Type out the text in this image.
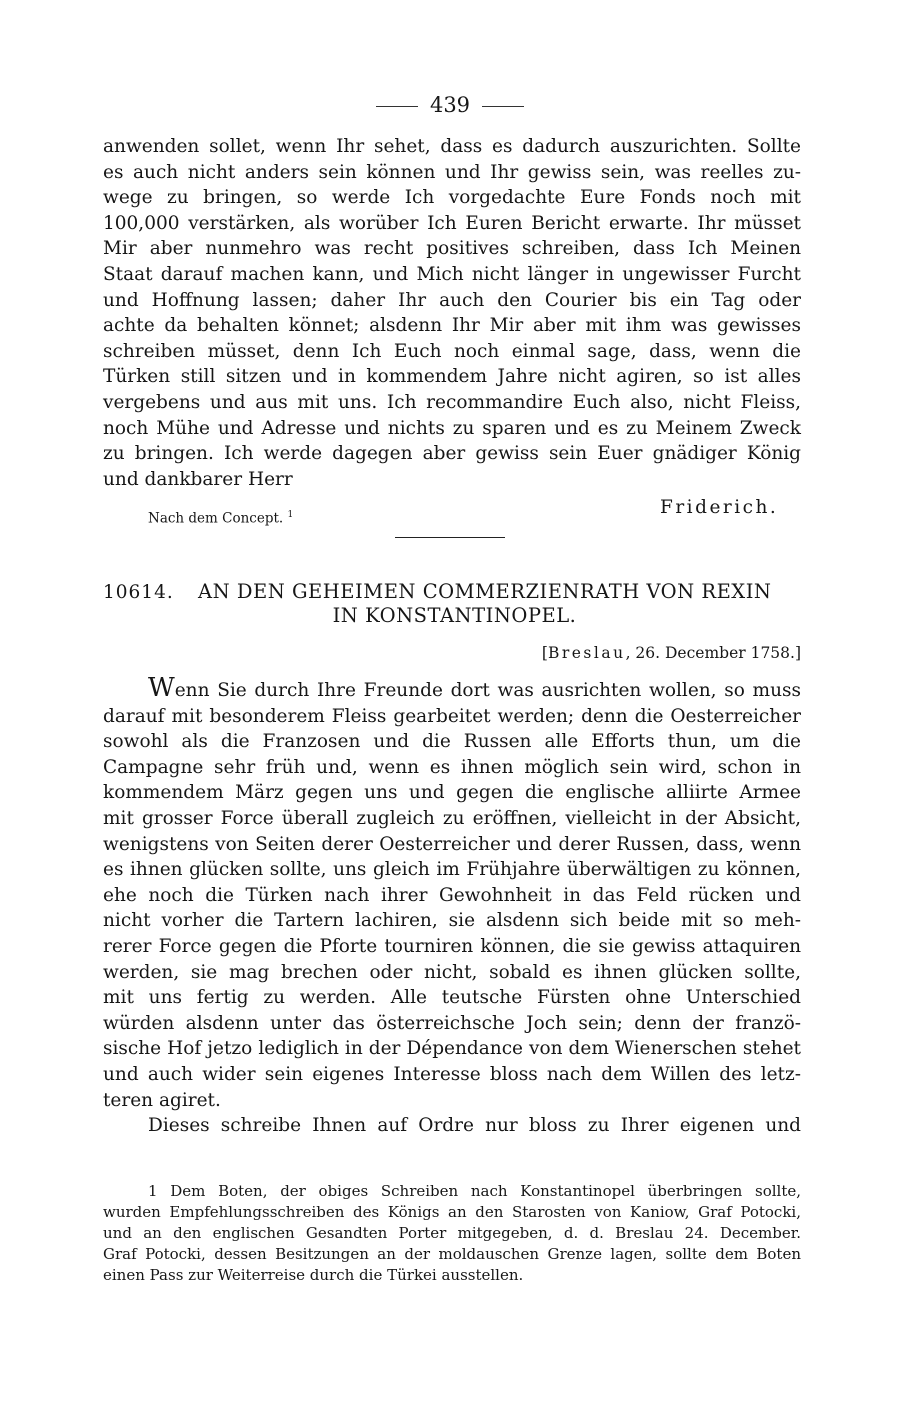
439
anwenden sollet, wenn Ihr sehet, dass es dadurch auszurichten. Sollte
es auch nicht anders sein können und Ihr gewiss sein, was reelles zu-
wege zu bringen, so werde Ich vorgedachte Eure Fonds noch mit
100,000 verstärken, als worüber Ich Euren Bericht erwarte. Ihr müsset
Mir aber nunmehro was recht positives schreiben, dass Ich Meinen
Staat darauf machen kann, und Mich nicht länger in ungewisser Furcht
und Hoffnung lassen; daher Ihr auch den Courier bis ein Tag oder
achte da behalten könnet; alsdenn Ihr Mir aber mit ihm was gewisses
schreiben müsset, denn Ich Euch noch einmal sage, dass, wenn die
Türken still sitzen und in kommendem Jahre nicht agiren, so ist alles
vergebens und aus mit uns. Ich recommandire Euch also, nicht Fleiss,
noch Mühe und Adresse und nichts zu sparen und es zu Meinem Zweck
zu bringen. Ich werde dagegen aber gewiss sein Euer gnädiger König
und dankbarer Herr
Nach dem Concept. $^1$	Friderich.
10614. AN DEN GEHEIMEN COMMERZIENRATH VON REXIN
IN KONSTANTINOPEL.
[Breslau, 26. December 1758.]
Wenn Sie durch Ihre Freunde dort was ausrichten wollen, so muss
darauf mit besonderem Fleiss gearbeitet werden; denn die Oesterreicher
sowohl als die Franzosen und die Russen alle Efforts thun, um die
Campagne sehr früh und, wenn es ihnen möglich sein wird, schon in
kommendem März gegen uns und gegen die englische alliirte Armee
mit grosser Force überall zugleich zu eröffnen, vielleicht in der Absicht,
wenigstens von Seiten derer Oesterreicher und derer Russen, dass, wenn
es ihnen glücken sollte, uns gleich im Frühjahre überwältigen zu können,
ehe noch die Türken nach ihrer Gewohnheit in das Feld rücken und
nicht vorher die Tartern lachiren, sie alsdenn sich beide mit so meh-
rerer Force gegen die Pforte tourniren können, die sie gewiss attaquiren
werden, sie mag brechen oder nicht, sobald es ihnen glücken sollte,
mit uns fertig zu werden. Alle teutsche Fürsten ohne Unterschied
würden alsdenn unter das österreichsche Joch sein; denn der franzö-
sische Hof jetzo lediglich in der Dépendance von dem Wienerschen stehet
und auch wider sein eigenes Interesse bloss nach dem Willen des letz-
teren agiret.
Dieses schreibe Ihnen auf Ordre nur bloss zu Ihrer eigenen und
1 Dem Boten, der obiges Schreiben nach Konstantinopel überbringen sollte,
wurden Empfehlungsschreiben des Königs an den Starosten von Kaniow, Graf Potocki,
und an den englischen Gesandten Porter mitgegeben, d. d. Breslau 24. December.
Graf Potocki, dessen Besitzungen an der moldauschen Grenze lagen, sollte dem Boten
einen Pass zur Weiterreise durch die Türkei ausstellen.
